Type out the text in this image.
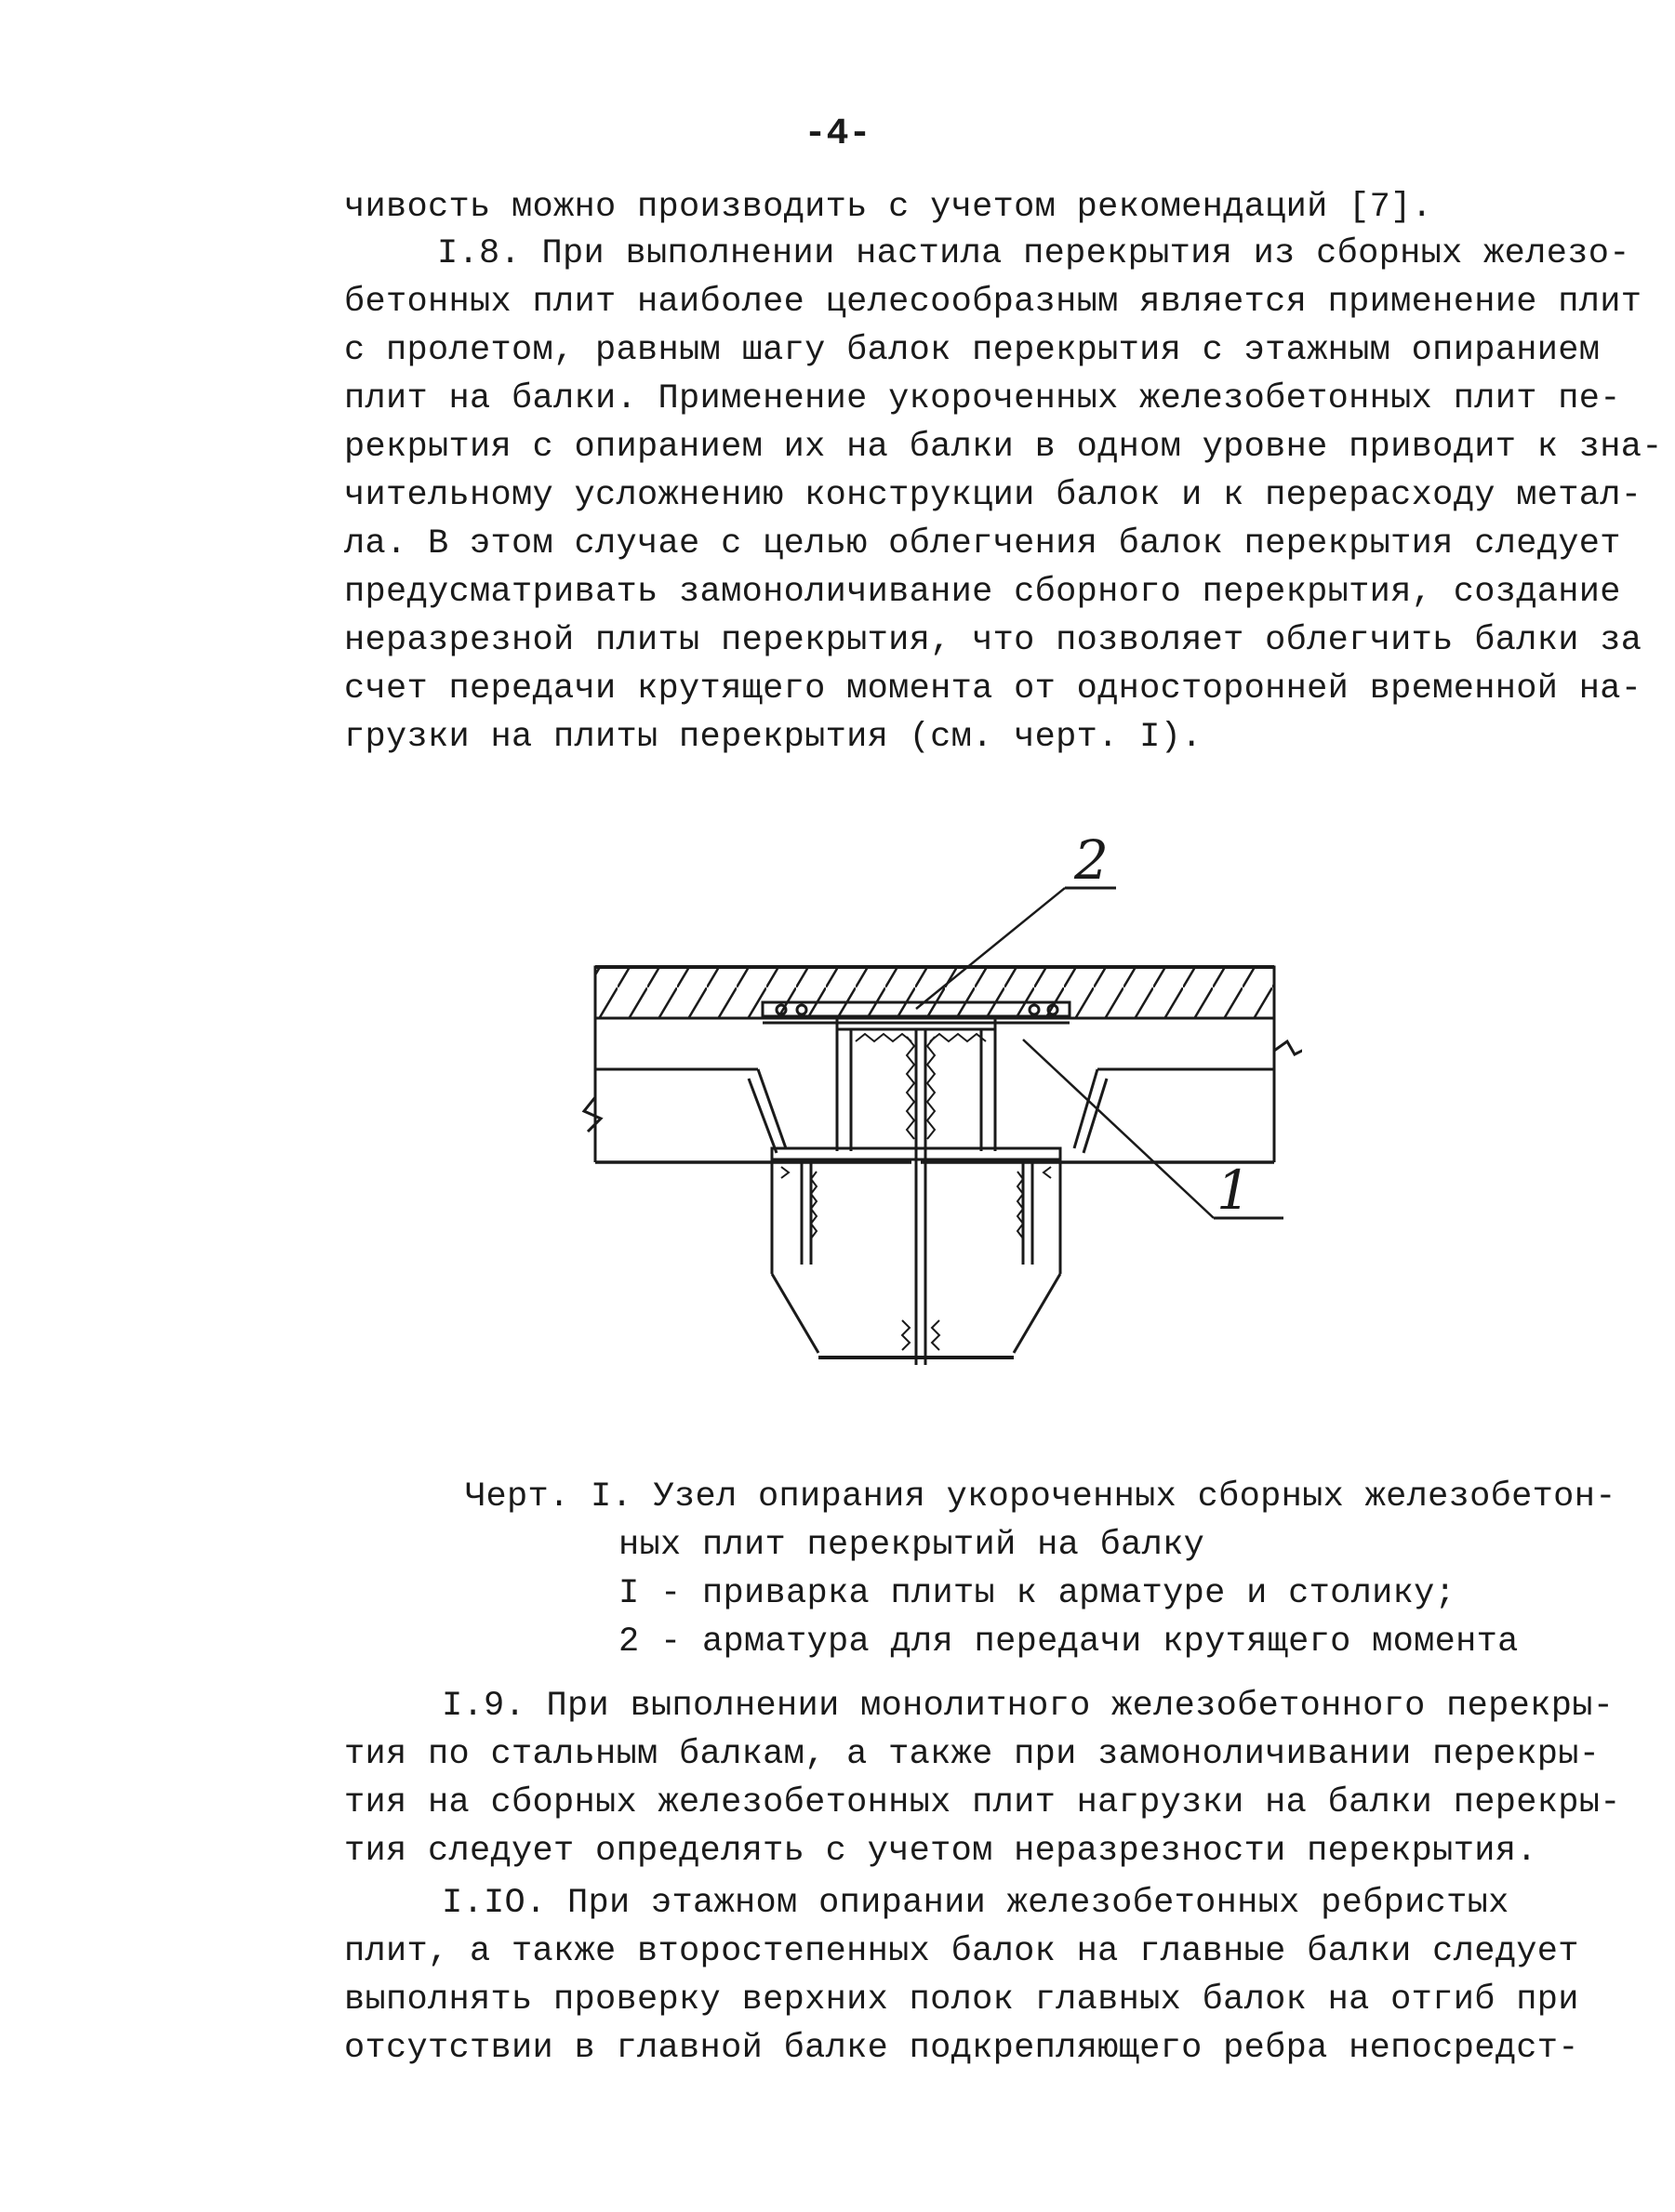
-4-
чивость можно производить с учетом рекомендаций [7].
I.8. При выполнении настила перекрытия из сборных железо-
бетонных плит наиболее целесообразным является применение плит
с пролетом, равным шагу балок перекрытия с этажным опиранием
плит на балки. Применение укороченных железобетонных плит пе-
рекрытия с опиранием их на балки в одном уровне приводит к зна-
чительному усложнению конструкции балок и к перерасходу метал-
ла. В этом случае с целью облегчения балок перекрытия следует
предусматривать замоноличивание сборного перекрытия, создание
неразрезной плиты перекрытия, что позволяет облегчить балки за
счет передачи крутящего момента от односторонней временной на-
грузки на плиты перекрытия (см. черт. I).
2
1
Черт. I. Узел опирания укороченных сборных железобетон-
ных плит перекрытий на балку
I - приварка плиты к арматуре и столику;
2 - арматура для передачи крутящего момента
I.9. При выполнении монолитного железобетонного перекры-
тия по стальным балкам, а также при замоноличивании перекры-
тия на сборных железобетонных плит нагрузки на балки перекры-
тия следует определять с учетом неразрезности перекрытия.
I.IO. При этажном опирании железобетонных ребристых
плит, а также второстепенных балок на главные балки следует
выполнять проверку верхних полок главных балок на отгиб при
отсутствии в главной балке подкрепляющего ребра непосредст-
